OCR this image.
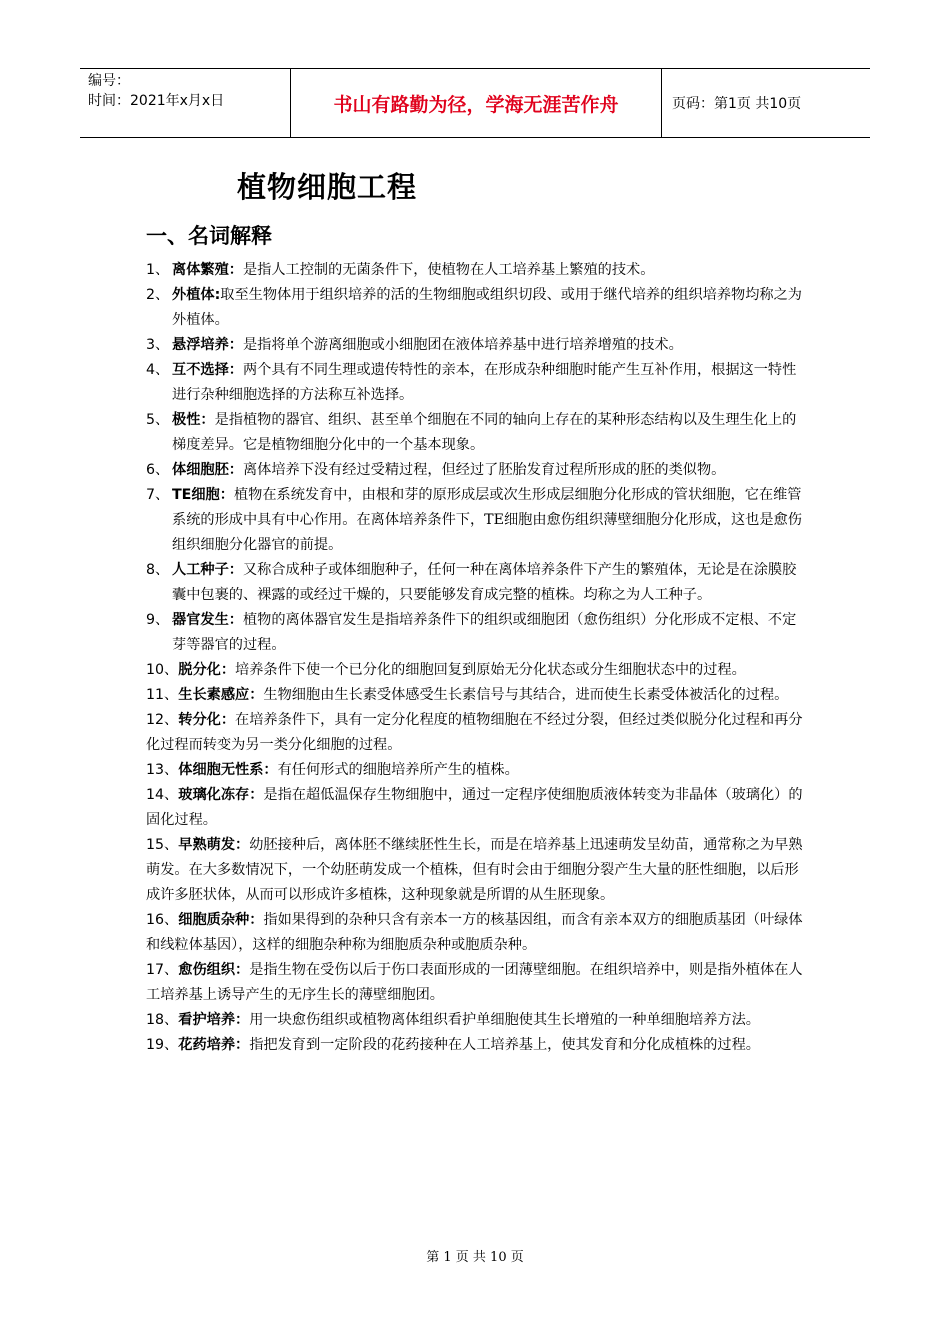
编号：
时间：2021年x月x日	书山有路勤为径，学海无涯苦作舟	页码：第1页 共10页
植物细胞工程
一、名词解释

1、 离体繁殖：是指人工控制的无菌条件下，使植物在人工培养基上繁殖的技术。

2、 外植体:取至生物体用于组织培养的活的生物细胞或组织切段、或用于继代培养的组织培养物均称之为外植体。

3、 悬浮培养：是指将单个游离细胞或小细胞团在液体培养基中进行培养增殖的技术。

4、 互不选择：两个具有不同生理或遗传特性的亲本，在形成杂种细胞时能产生互补作用，根据这一特性进行杂种细胞选择的方法称互补选择。

5、 极性：是指植物的器官、组织、甚至单个细胞在不同的轴向上存在的某种形态结构以及生理生化上的梯度差异。它是植物细胞分化中的一个基本现象。

6、 体细胞胚：离体培养下没有经过受精过程，但经过了胚胎发育过程所形成的胚的类似物。

7、 TE细胞：植物在系统发育中，由根和芽的原形成层或次生形成层细胞分化形成的管状细胞，它在维管系统的形成中具有中心作用。在离体培养条件下，TE细胞由愈伤组织薄壁细胞分化形成，这也是愈伤组织细胞分化器官的前提。

8、 人工种子：又称合成种子或体细胞种子，任何一种在离体培养条件下产生的繁殖体，无论是在涂膜胶囊中包裹的、裸露的或经过干燥的，只要能够发育成完整的植株。均称之为人工种子。

9、 器官发生：植物的离体器官发生是指培养条件下的组织或细胞团（愈伤组织）分化形成不定根、不定芽等器官的过程。

10、脱分化：培养条件下使一个已分化的细胞回复到原始无分化状态或分生细胞状态中的过程。

11、生长素感应：生物细胞由生长素受体感受生长素信号与其结合，进而使生长素受体被活化的过程。

12、转分化：在培养条件下，具有一定分化程度的植物细胞在不经过分裂，但经过类似脱分化过程和再分化过程而转变为另一类分化细胞的过程。

13、体细胞无性系：有任何形式的细胞培养所产生的植株。

14、玻璃化冻存：是指在超低温保存生物细胞中，通过一定程序使细胞质液体转变为非晶体（玻璃化）的固化过程。

15、早熟萌发：幼胚接种后，离体胚不继续胚性生长，而是在培养基上迅速萌发呈幼苗，通常称之为早熟萌发。在大多数情况下，一个幼胚萌发成一个植株，但有时会由于细胞分裂产生大量的胚性细胞，以后形成许多胚状体，从而可以形成许多植株，这种现象就是所谓的从生胚现象。

16、细胞质杂种：指如果得到的杂种只含有亲本一方的核基因组，而含有亲本双方的细胞质基团（叶绿体和线粒体基因），这样的细胞杂种称为细胞质杂种或胞质杂种。

17、愈伤组织：是指生物在受伤以后于伤口表面形成的一团薄壁细胞。在组织培养中，则是指外植体在人工培养基上诱导产生的无序生长的薄壁细胞团。

18、看护培养：用一块愈伤组织或植物离体组织看护单细胞使其生长增殖的一种单细胞培养方法。

19、花药培养：指把发育到一定阶段的花药接种在人工培养基上，使其发育和分化成植株的过程。

第 1 页 共 10 页
